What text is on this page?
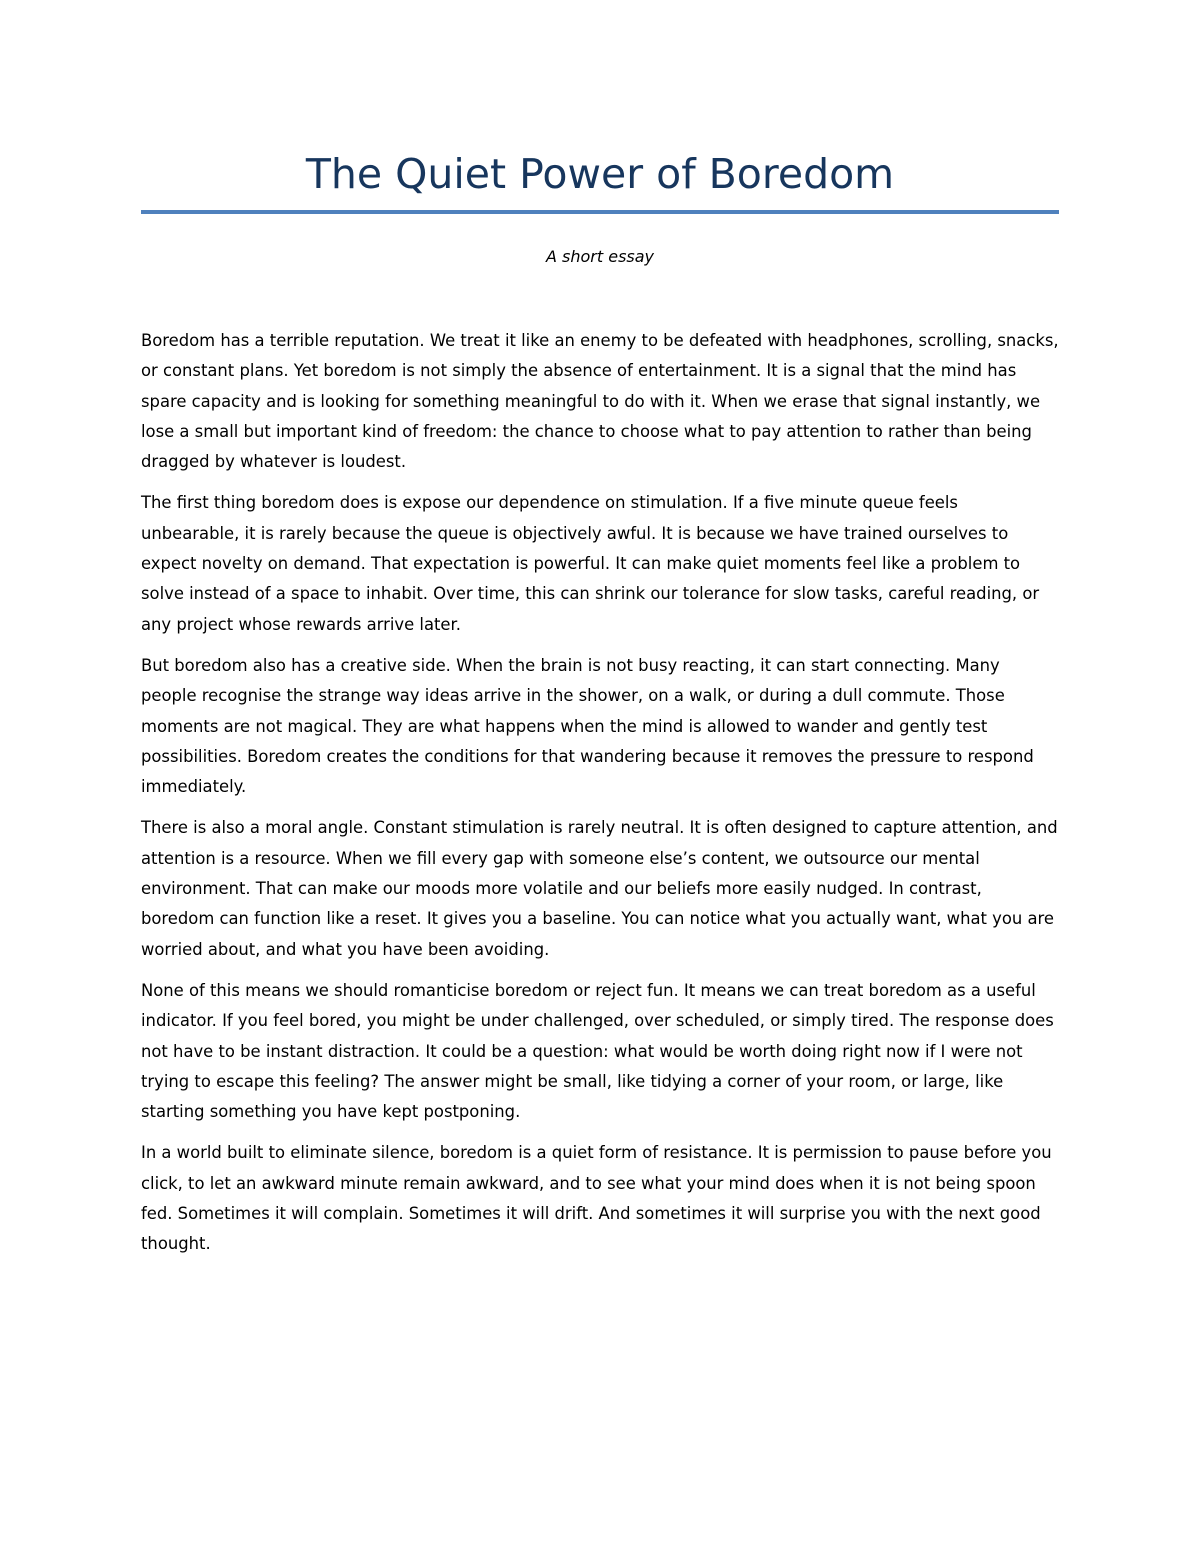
The Quiet Power of Boredom

A short essay

Boredom has a terrible reputation. We treat it like an enemy to be defeated with headphones, scrolling, snacks, or constant plans. Yet boredom is not simply the absence of entertainment. It is a signal that the mind has spare capacity and is looking for something meaningful to do with it. When we erase that signal instantly, we lose a small but important kind of freedom: the chance to choose what to pay attention to rather than being dragged by whatever is loudest.

The first thing boredom does is expose our dependence on stimulation. If a five minute queue feels unbearable, it is rarely because the queue is objectively awful. It is because we have trained ourselves to expect novelty on demand. That expectation is powerful. It can make quiet moments feel like a problem to solve instead of a space to inhabit. Over time, this can shrink our tolerance for slow tasks, careful reading, or any project whose rewards arrive later.

But boredom also has a creative side. When the brain is not busy reacting, it can start connecting. Many people recognise the strange way ideas arrive in the shower, on a walk, or during a dull commute. Those moments are not magical. They are what happens when the mind is allowed to wander and gently test possibilities. Boredom creates the conditions for that wandering because it removes the pressure to respond immediately.

There is also a moral angle. Constant stimulation is rarely neutral. It is often designed to capture attention, and attention is a resource. When we fill every gap with someone else’s content, we outsource our mental environment. That can make our moods more volatile and our beliefs more easily nudged. In contrast, boredom can function like a reset. It gives you a baseline. You can notice what you actually want, what you are worried about, and what you have been avoiding.

None of this means we should romanticise boredom or reject fun. It means we can treat boredom as a useful indicator. If you feel bored, you might be under challenged, over scheduled, or simply tired. The response does not have to be instant distraction. It could be a question: what would be worth doing right now if I were not trying to escape this feeling? The answer might be small, like tidying a corner of your room, or large, like starting something you have kept postponing.

In a world built to eliminate silence, boredom is a quiet form of resistance. It is permission to pause before you click, to let an awkward minute remain awkward, and to see what your mind does when it is not being spoon fed. Sometimes it will complain. Sometimes it will drift. And sometimes it will surprise you with the next good thought.
